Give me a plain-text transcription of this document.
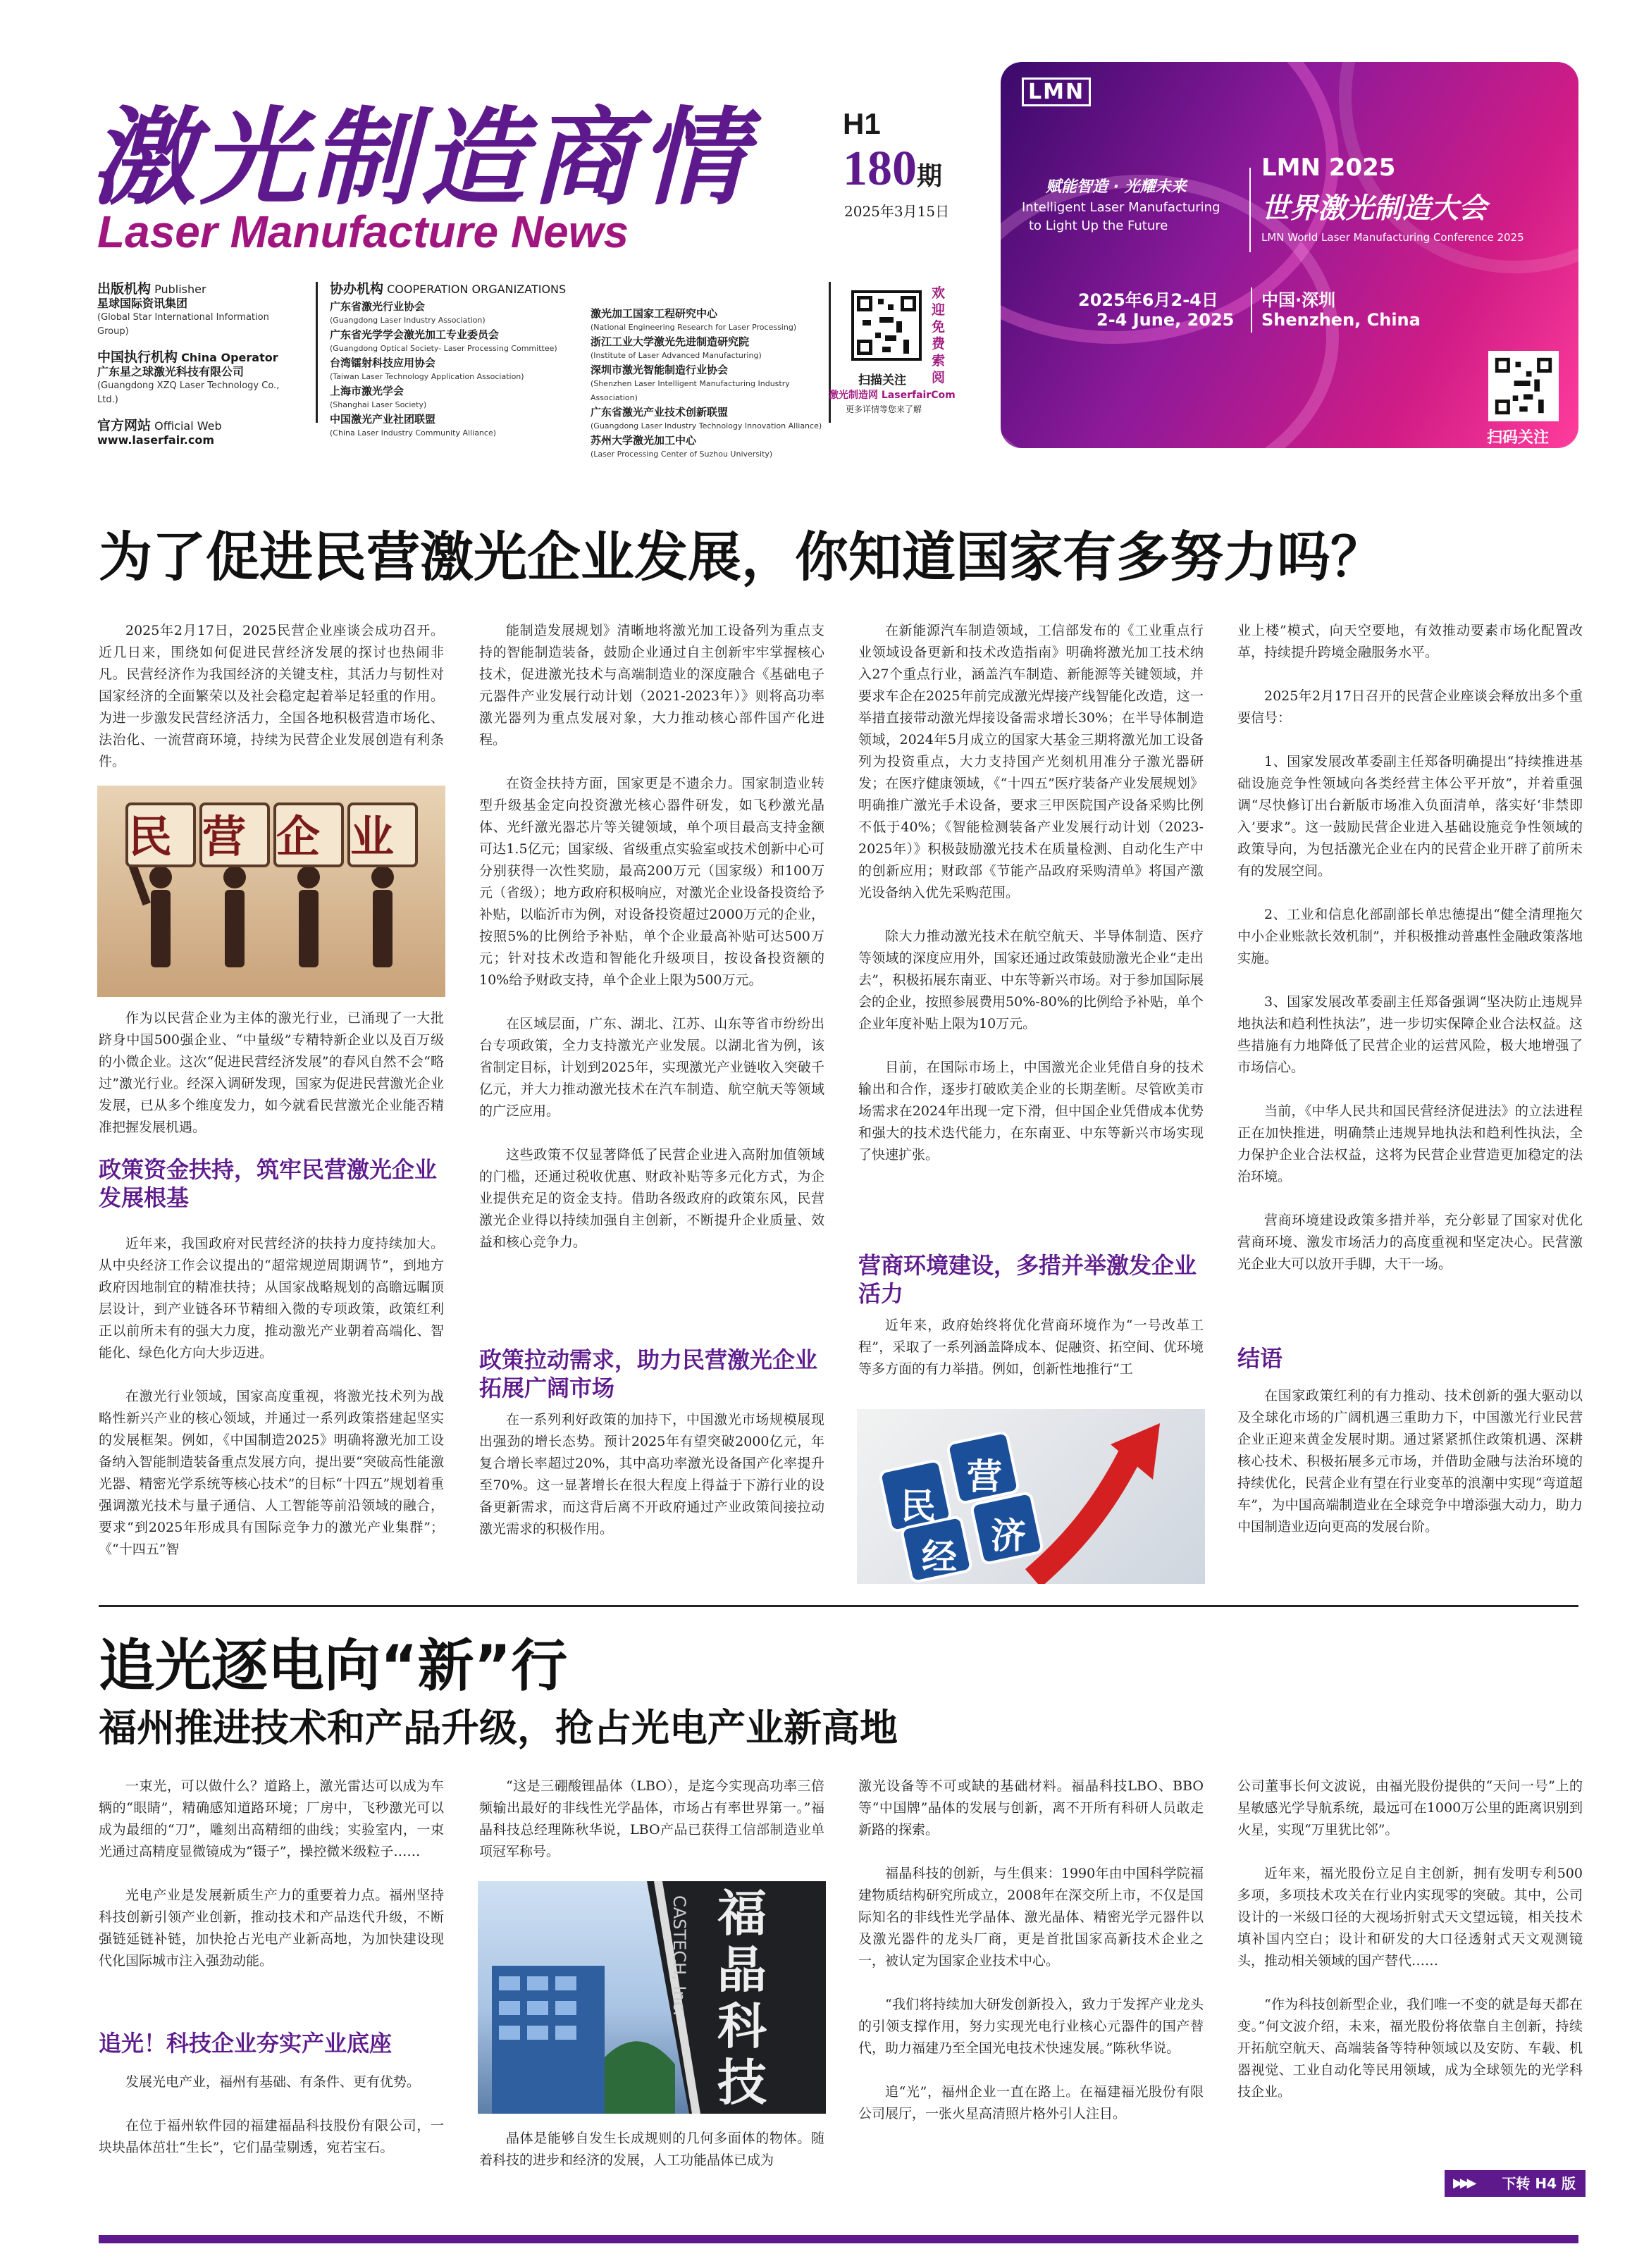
激光制造商情
Laser Manufacture News
H1
180期
2025年3月15日
出版机构 Publisher
星球国际资讯集团
(Global Star International Information Group)
中国执行机构 China Operator
广东星之球激光科技有限公司
(Guangdong XZQ Laser Technology Co., Ltd.)
官方网站 Official Web
www.laserfair.com
协办机构 COOPERATION ORGANIZATIONS
广东省激光行业协会
(Guangdong Laser Industry Association)
广东省光学学会激光加工专业委员会
(Guangdong Optical Society- Laser Processing Committee)
台湾镭射科技应用协会
(Taiwan Laser Technology Application Association)
上海市激光学会
(Shanghai Laser Society)
中国激光产业社团联盟
(China Laser Industry Community Alliance)
激光加工国家工程研究中心
(National Engineering Research for Laser Processing)
浙江工业大学激光先进制造研究院
(Institute of Laser Advanced Manufacturing)
深圳市激光智能制造行业协会
(Shenzhen Laser Intelligent Manufacturing Industry Association)
广东省激光产业技术创新联盟
(Guangdong Laser Industry Technology Innovation Alliance)
苏州大学激光加工中心
(Laser Processing Center of Suzhou University)
欢迎免费索阅
扫描关注
激光制造网 LaserfairCom
更多详情等您来了解
LMN
赋能智造 · 光耀未来
Intelligent Laser Manufacturing
to Light Up the Future
LMN 2025
世界激光制造大会
LMN World Laser Manufacturing Conference 2025
2025年6月2-4日
2-4 June, 2025
中国·深圳
Shenzhen, China
扫码关注
为了促进民营激光企业发展，你知道国家有多努力吗？

2025年2月17日，2025民营企业座谈会成功召开。近几日来，围绕如何促进民营经济发展的探讨也热闹非凡。民营经济作为我国经济的关键支柱，其活力与韧性对国家经济的全面繁荣以及社会稳定起着举足轻重的作用。为进一步激发民营经济活力，全国各地积极营造市场化、法治化、一流营商环境，持续为民营企业发展创造有利条件。

民营企业

作为以民营企业为主体的激光行业，已涌现了一大批跻身中国500强企业、“中量级”专精特新企业以及百万级的小微企业。这次“促进民营经济发展”的春风自然不会“略过”激光行业。经深入调研发现，国家为促进民营激光企业发展，已从多个维度发力，如今就看民营激光企业能否精准把握发展机遇。

政策资金扶持，筑牢民营激光企业发展根基

近年来，我国政府对民营经济的扶持力度持续加大。从中央经济工作会议提出的“超常规逆周期调节”，到地方政府因地制宜的精准扶持；从国家战略规划的高瞻远瞩顶层设计，到产业链各环节精细入微的专项政策，政策红利正以前所未有的强大力度，推动激光产业朝着高端化、智能化、绿色化方向大步迈进。

在激光行业领域，国家高度重视，将激光技术列为战略性新兴产业的核心领域，并通过一系列政策搭建起坚实的发展框架。例如，《中国制造2025》明确将激光加工设备纳入智能制造装备重点发展方向，提出要“突破高性能激光器、精密光学系统等核心技术”的目标“十四五”规划着重强调激光技术与量子通信、人工智能等前沿领域的融合，要求“到2025年形成具有国际竞争力的激光产业集群”；《“十四五”智

能制造发展规划》清晰地将激光加工设备列为重点支持的智能制造装备，鼓励企业通过自主创新牢牢掌握核心技术，促进激光技术与高端制造业的深度融合《基础电子元器件产业发展行动计划（2021-2023年）》则将高功率激光器列为重点发展对象，大力推动核心部件国产化进程。

在资金扶持方面，国家更是不遗余力。国家制造业转型升级基金定向投资激光核心器件研发，如飞秒激光晶体、光纤激光器芯片等关键领域，单个项目最高支持金额可达1.5亿元；国家级、省级重点实验室或技术创新中心可分别获得一次性奖励，最高200万元（国家级）和100万元（省级）；地方政府积极响应，对激光企业设备投资给予补贴，以临沂市为例，对设备投资超过2000万元的企业，按照5%的比例给予补贴，单个企业最高补贴可达500万元；针对技术改造和智能化升级项目，按设备投资额的10%给予财政支持，单个企业上限为500万元。

在区域层面，广东、湖北、江苏、山东等省市纷纷出台专项政策，全力支持激光产业发展。以湖北省为例，该省制定目标，计划到2025年，实现激光产业链收入突破千亿元，并大力推动激光技术在汽车制造、航空航天等领域的广泛应用。

这些政策不仅显著降低了民营企业进入高附加值领域的门槛，还通过税收优惠、财政补贴等多元化方式，为企业提供充足的资金支持。借助各级政府的政策东风，民营激光企业得以持续加强自主创新，不断提升企业质量、效益和核心竞争力。

政策拉动需求，助力民营激光企业拓展广阔市场

在一系列利好政策的加持下，中国激光市场规模展现出强劲的增长态势。预计2025年有望突破2000亿元，年复合增长率超过20%，其中高功率激光设备国产化率提升至70%。这一显著增长在很大程度上得益于下游行业的设备更新需求，而这背后离不开政府通过产业政策间接拉动激光需求的积极作用。

在新能源汽车制造领域，工信部发布的《工业重点行业领域设备更新和技术改造指南》明确将激光加工技术纳入27个重点行业，涵盖汽车制造、新能源等关键领域，并要求车企在2025年前完成激光焊接产线智能化改造，这一举措直接带动激光焊接设备需求增长30%；在半导体制造领域，2024年5月成立的国家大基金三期将激光加工设备列为投资重点，大力支持国产光刻机用准分子激光器研发；在医疗健康领域，《“十四五”医疗装备产业发展规划》明确推广激光手术设备，要求三甲医院国产设备采购比例不低于40%；《智能检测装备产业发展行动计划（2023-2025年）》积极鼓励激光技术在质量检测、自动化生产中的创新应用；财政部《节能产品政府采购清单》将国产激光设备纳入优先采购范围。

除大力推动激光技术在航空航天、半导体制造、医疗等领域的深度应用外，国家还通过政策鼓励激光企业“走出去”，积极拓展东南亚、中东等新兴市场。对于参加国际展会的企业，按照参展费用50%-80%的比例给予补贴，单个企业年度补贴上限为10万元。

目前，在国际市场上，中国激光企业凭借自身的技术输出和合作，逐步打破欧美企业的长期垄断。尽管欧美市场需求在2024年出现一定下滑，但中国企业凭借成本优势和强大的技术迭代能力，在东南亚、中东等新兴市场实现了快速扩张。

营商环境建设，多措并举激发企业活力

近年来，政府始终将优化营商环境作为“一号改革工程”，采取了一系列涵盖降成本、促融资、拓空间、优环境等多方面的有力举措。例如，创新性地推行“工

民
营
经
济

业上楼”模式，向天空要地，有效推动要素市场化配置改革，持续提升跨境金融服务水平。

2025年2月17日召开的民营企业座谈会释放出多个重要信号：

1、国家发展改革委副主任郑备明确提出“持续推进基础设施竞争性领域向各类经营主体公平开放”，并着重强调“尽快修订出台新版市场准入负面清单，落实好‘非禁即入’要求”。这一鼓励民营企业进入基础设施竞争性领域的政策导向，为包括激光企业在内的民营企业开辟了前所未有的发展空间。

2、工业和信息化部副部长单忠德提出“健全清理拖欠中小企业账款长效机制”，并积极推动普惠性金融政策落地实施。

3、国家发展改革委副主任郑备强调“坚决防止违规异地执法和趋利性执法”，进一步切实保障企业合法权益。这些措施有力地降低了民营企业的运营风险，极大地增强了市场信心。

当前，《中华人民共和国民营经济促进法》的立法进程正在加快推进，明确禁止违规异地执法和趋利性执法，全力保护企业合法权益，这将为民营企业营造更加稳定的法治环境。

营商环境建设政策多措并举，充分彰显了国家对优化营商环境、激发市场活力的高度重视和坚定决心。民营激光企业大可以放开手脚，大干一场。

结语

在国家政策红利的有力推动、技术创新的强大驱动以及全球化市场的广阔机遇三重助力下，中国激光行业民营企业正迎来黄金发展时期。通过紧紧抓住政策机遇、深耕核心技术、积极拓展多元市场，并借助金融与法治环境的持续优化，民营企业有望在行业变革的浪潮中实现“弯道超车”，为中国高端制造业在全球竞争中增添强大动力，助力中国制造业迈向更高的发展台阶。

追光逐电向“新”行
福州推进技术和产品升级，抢占光电产业新高地

一束光，可以做什么？道路上，激光雷达可以成为车辆的“眼睛”，精确感知道路环境；厂房中，飞秒激光可以成为最细的“刀”，雕刻出高精细的曲线；实验室内，一束光通过高精度显微镜成为“镊子”，操控微米级粒子……

光电产业是发展新质生产力的重要着力点。福州坚持科技创新引领产业创新，推动技术和产品迭代升级，不断强链延链补链，加快抢占光电产业新高地，为加快建设现代化国际城市注入强劲动能。

追光！科技企业夯实产业底座

发展光电产业，福州有基础、有条件、更有优势。

在位于福州软件园的福建福晶科技股份有限公司，一块块晶体茁壮“生长”，它们晶莹剔透，宛若宝石。

“这是三硼酸锂晶体（LBO），是迄今实现高功率三倍频输出最好的非线性光学晶体，市场占有率世界第一。”福晶科技总经理陈秋华说，LBO产品已获得工信部制造业单项冠军称号。

福晶科技
CASTECH, Inc.

晶体是能够自发生长成规则的几何多面体的物体。随着科技的进步和经济的发展，人工功能晶体已成为

激光设备等不可或缺的基础材料。福晶科技LBO、BBO等“中国牌”晶体的发展与创新，离不开所有科研人员敢走新路的探索。

福晶科技的创新，与生俱来：1990年由中国科学院福建物质结构研究所成立，2008年在深交所上市，不仅是国际知名的非线性光学晶体、激光晶体、精密光学元器件以及激光器件的龙头厂商，更是首批国家高新技术企业之一，被认定为国家企业技术中心。

“我们将持续加大研发创新投入，致力于发挥产业龙头的引领支撑作用，努力实现光电行业核心元器件的国产替代，助力福建乃至全国光电技术快速发展。”陈秋华说。

追“光”，福州企业一直在路上。在福建福光股份有限公司展厅，一张火星高清照片格外引人注目。

公司董事长何文波说，由福光股份提供的“天问一号”上的星敏感光学导航系统，最远可在1000万公里的距离识别到火星，实现“万里犹比邻”。

近年来，福光股份立足自主创新，拥有发明专利500多项，多项技术攻关在行业内实现零的突破。其中，公司设计的一米级口径的大视场折射式天文望远镜，相关技术填补国内空白；设计和研发的大口径透射式天文观测镜头，推动相关领域的国产替代……

“作为科技创新型企业，我们唯一不变的就是每天都在变。”何文波介绍，未来，福光股份将依靠自主创新，持续开拓航空航天、高端装备等特种领域以及安防、车载、机器视觉、工业自动化等民用领域，成为全球领先的光学科技企业。

▶▶▶ 下转 H4 版
